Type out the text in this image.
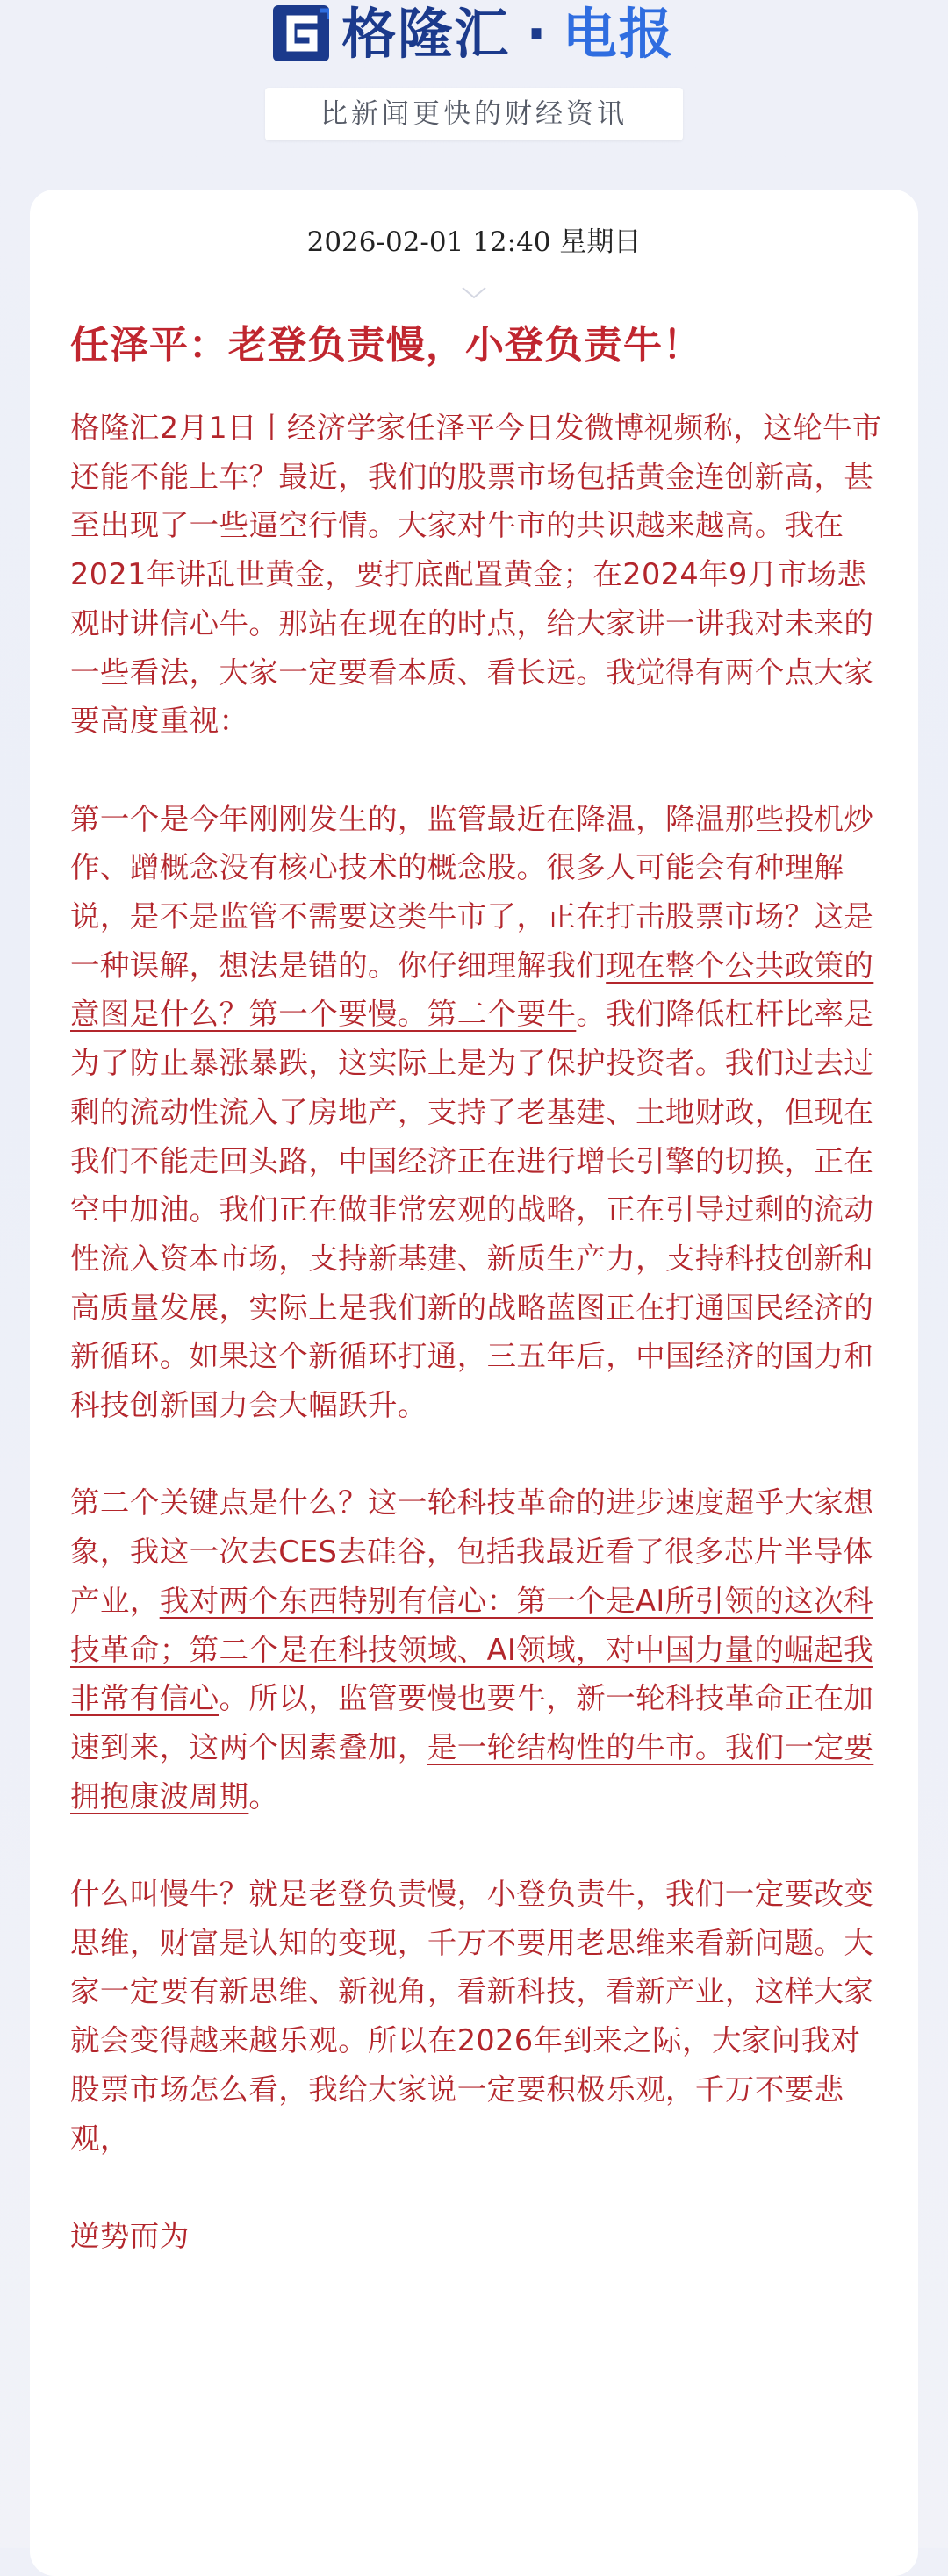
格隆汇 · 电报
比新闻更快的财经资讯
2026-02-01 12:40 星期日
任泽平：老登负责慢，小登负责牛！

格隆汇2月1日丨经济学家任泽平今日发微博视频称，这轮牛市还能不能上车？最近，我们的股票市场包括黄金连创新高，甚至出现了一些逼空行情。大家对牛市的共识越来越高。我在2021年讲乱世黄金，要打底配置黄金；在2024年9月市场悲观时讲信心牛。那站在现在的时点，给大家讲一讲我对未来的一些看法，大家一定要看本质、看长远。我觉得有两个点大家要高度重视：

第一个是今年刚刚发生的，监管最近在降温，降温那些投机炒作、蹭概念没有核心技术的概念股。很多人可能会有种理解说，是不是监管不需要这类牛市了，正在打击股票市场？这是一种误解，想法是错的。你仔细理解我们现在整个公共政策的意图是什么？第一个要慢。第二个要牛。我们降低杠杆比率是为了防止暴涨暴跌，这实际上是为了保护投资者。我们过去过剩的流动性流入了房地产，支持了老基建、土地财政，但现在我们不能走回头路，中国经济正在进行增长引擎的切换，正在空中加油。我们正在做非常宏观的战略，正在引导过剩的流动性流入资本市场，支持新基建、新质生产力，支持科技创新和高质量发展，实际上是我们新的战略蓝图正在打通国民经济的新循环。如果这个新循环打通，三五年后，中国经济的国力和科技创新国力会大幅跃升。

第二个关键点是什么？这一轮科技革命的进步速度超乎大家想象，我这一次去CES去硅谷，包括我最近看了很多芯片半导体产业，我对两个东西特别有信心：第一个是AI所引领的这次科技革命；第二个是在科技领域、AI领域，对中国力量的崛起我非常有信心。所以，监管要慢也要牛，新一轮科技革命正在加速到来，这两个因素叠加，是一轮结构性的牛市。我们一定要拥抱康波周期。

什么叫慢牛？就是老登负责慢，小登负责牛，我们一定要改变思维，财富是认知的变现，千万不要用老思维来看新问题。大家一定要有新思维、新视角，看新科技，看新产业，这样大家就会变得越来越乐观。所以在2026年到来之际，大家问我对股票市场怎么看，我给大家说一定要积极乐观，千万不要悲观，

逆势而为
